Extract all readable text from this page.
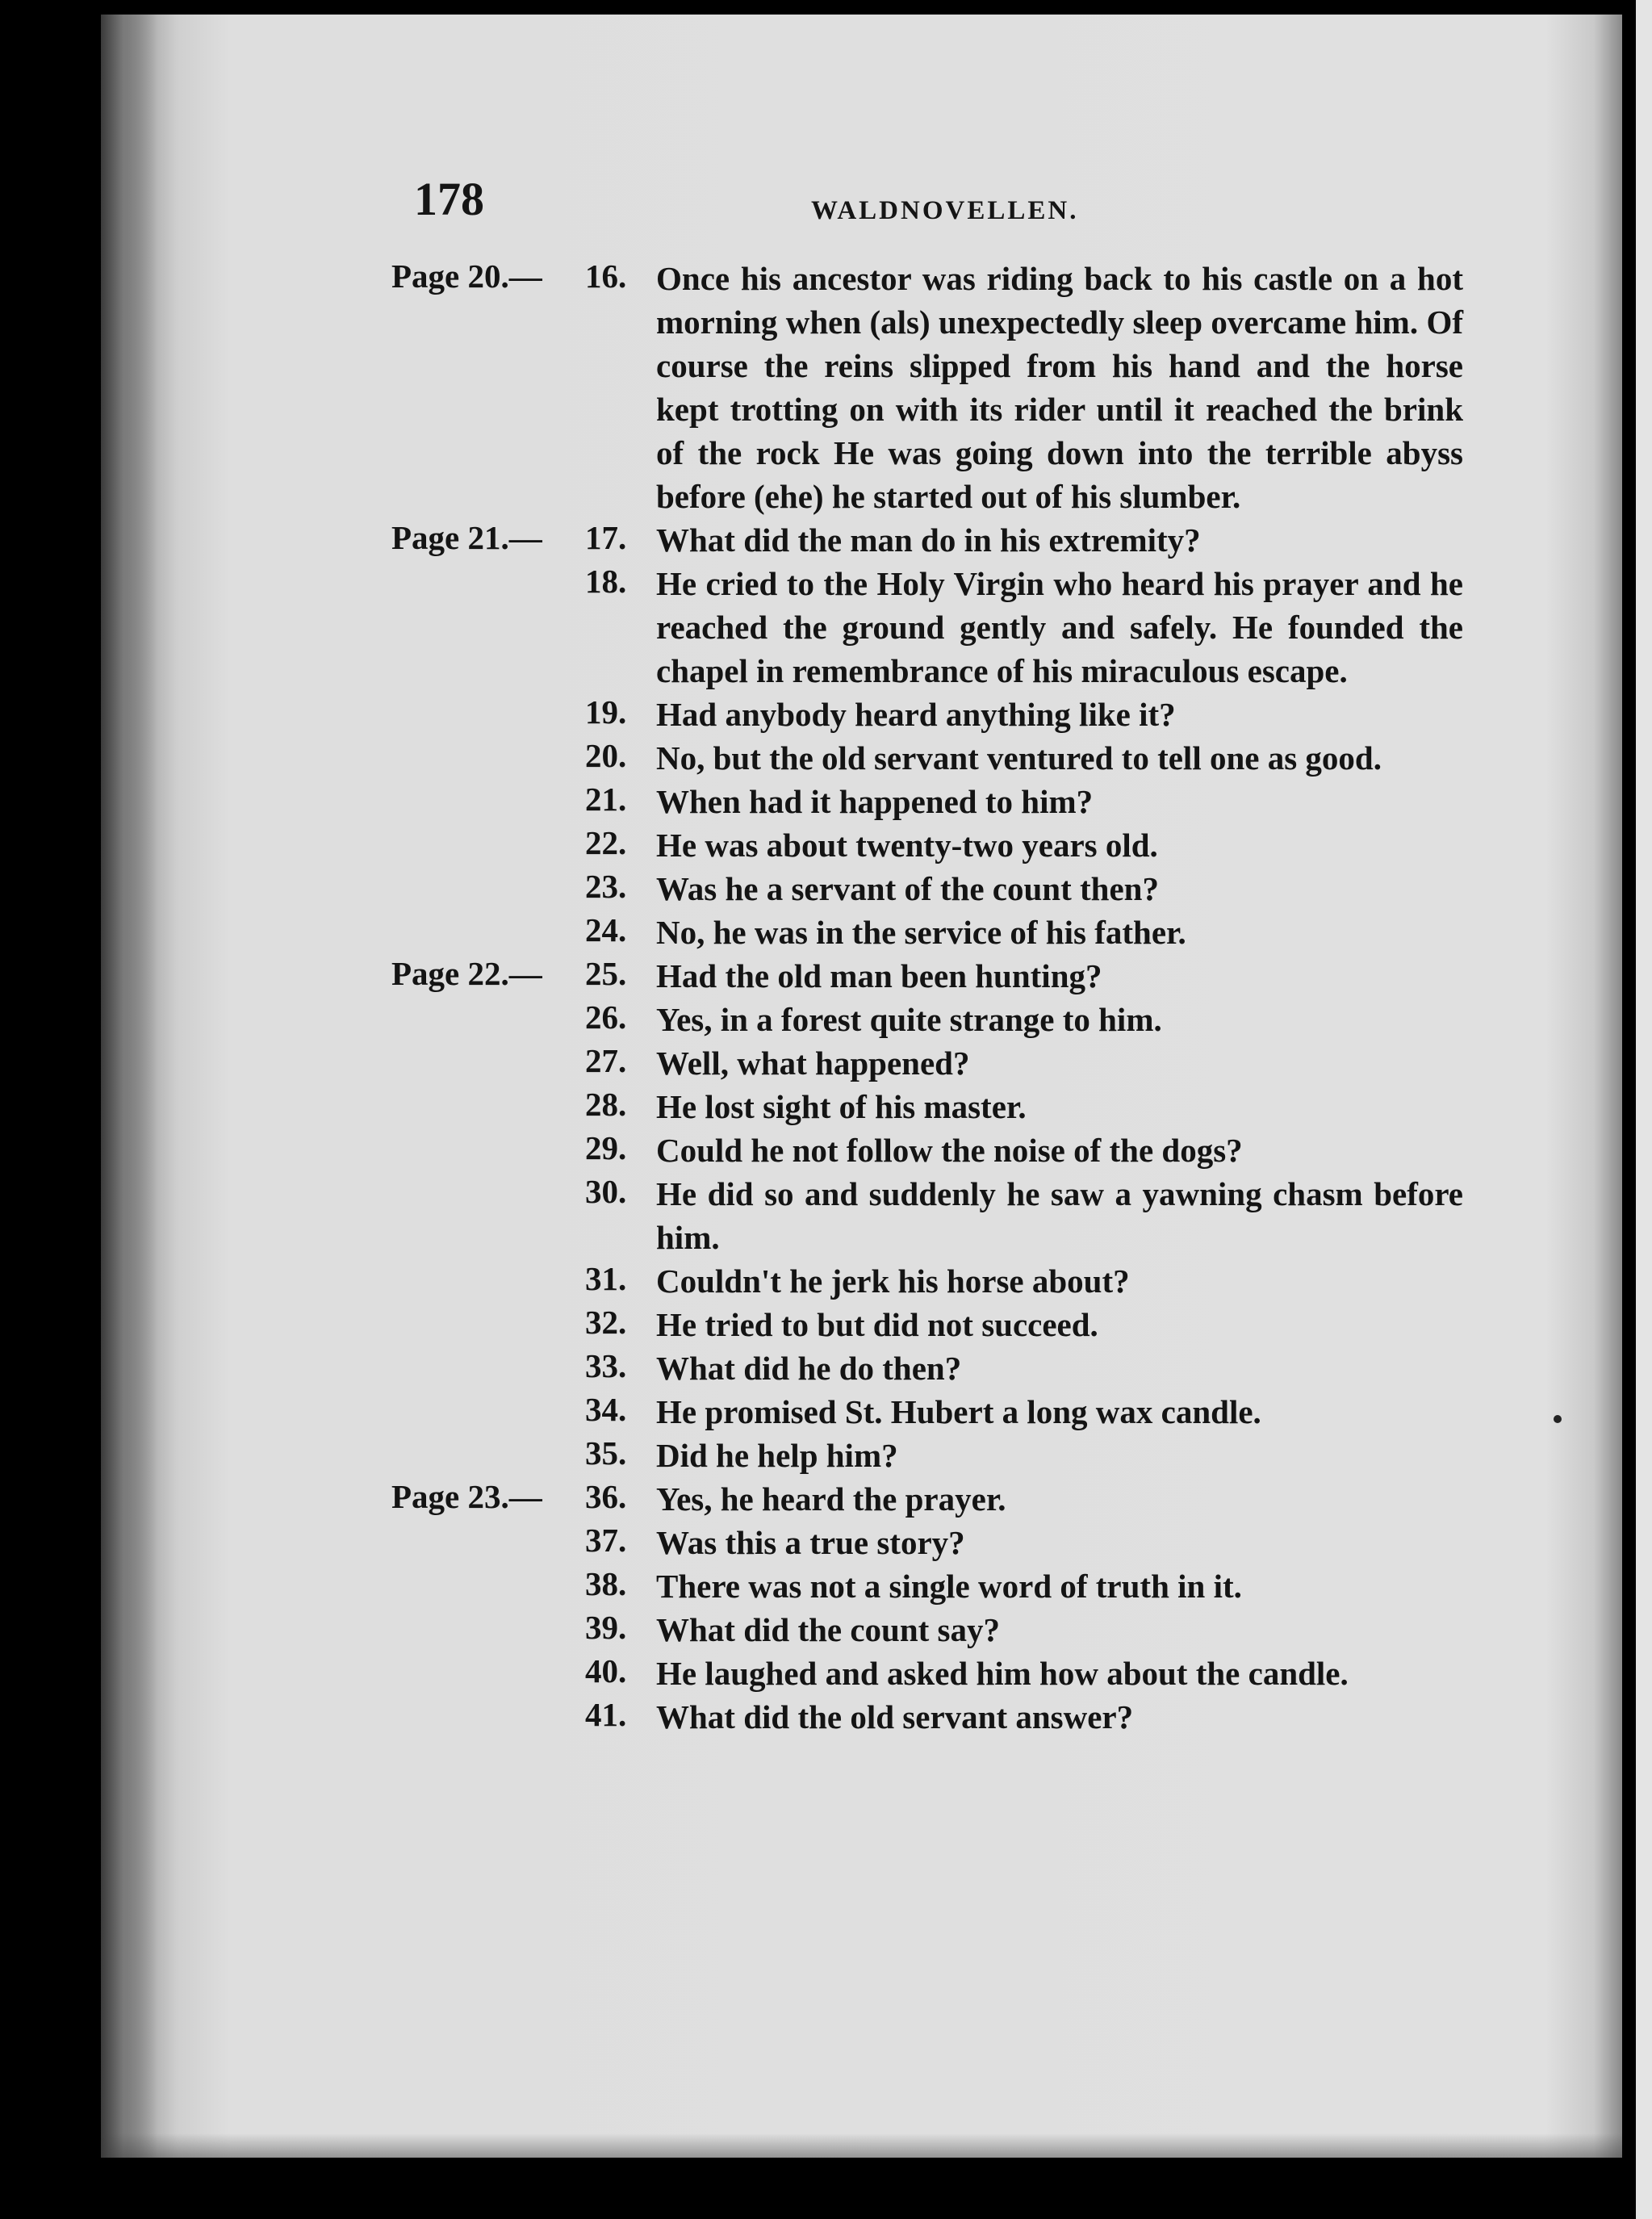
178	WALDNOVELLEN.
Page 20.— 16. Once his ancestor was riding back to his castle on a hot morning when (als) unexpectedly sleep overcame him. Of course the reins slipped from his hand and the horse kept trotting on with its rider until it reached the brink of the rock He was going down into the terrible abyss before (ehe) he started out of his slumber.
Page 21.— 17. What did the man do in his extremity?
18. He cried to the Holy Virgin who heard his prayer and he reached the ground gently and safely. He founded the chapel in remembrance of his miraculous escape.
19. Had anybody heard anything like it?
20. No, but the old servant ventured to tell one as good.
21. When had it happened to him?
22. He was about twenty-two years old.
23. Was he a servant of the count then?
24. No, he was in the service of his father.
Page 22.— 25. Had the old man been hunting?
26. Yes, in a forest quite strange to him.
27. Well, what happened?
28. He lost sight of his master.
29. Could he not follow the noise of the dogs?
30. He did so and suddenly he saw a yawning chasm before him.
31. Couldn't he jerk his horse about?
32. He tried to but did not succeed.
33. What did he do then?
34. He promised St. Hubert a long wax candle.
35. Did he help him?
Page 23.— 36. Yes, he heard the prayer.
37. Was this a true story?
38. There was not a single word of truth in it.
39. What did the count say?
40. He laughed and asked him how about the candle.
41. What did the old servant answer?
